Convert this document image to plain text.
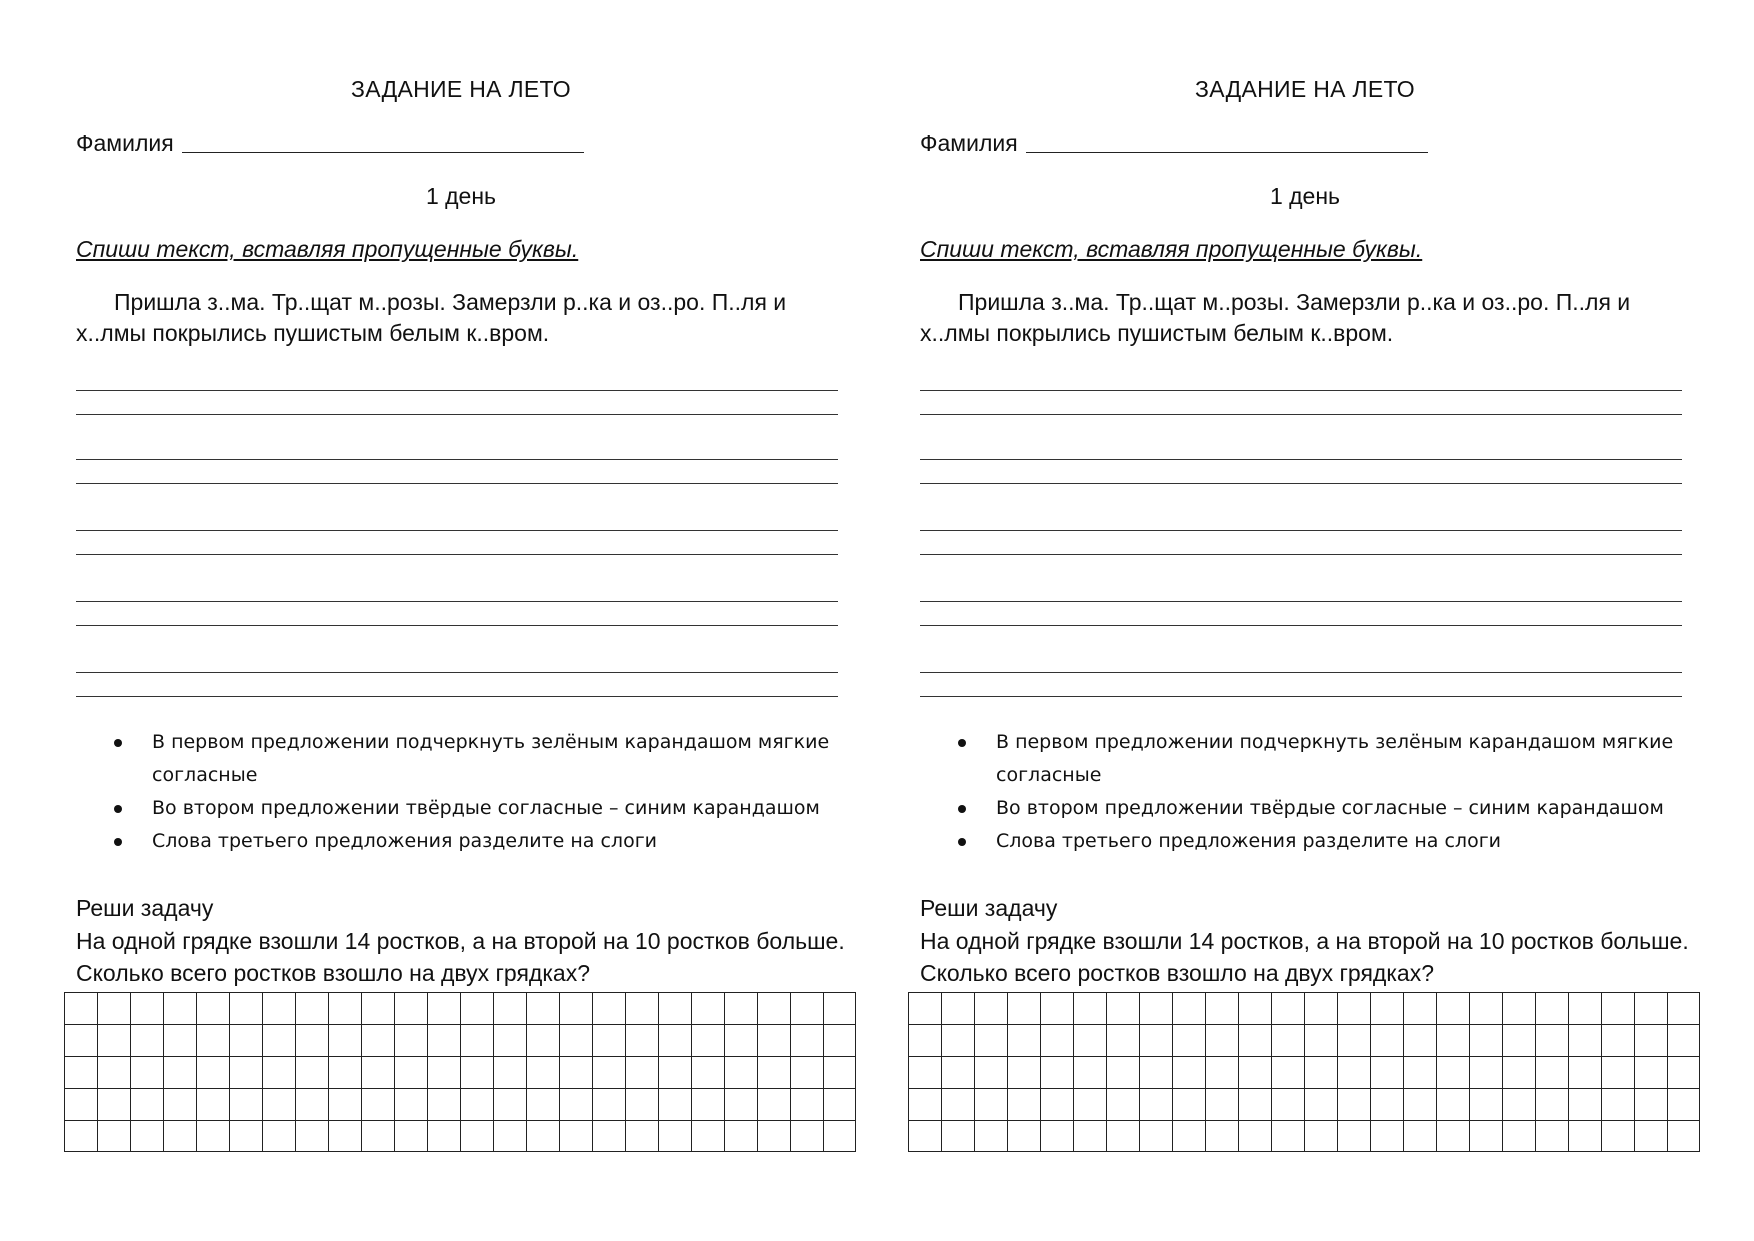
ЗАДАНИЕ НА ЛЕТО
Фамилия
1 день
Спиши текст, вставляя пропущенные буквы.

Пришла з..ма. Тр..щат м..розы. Замерзли р..ка и оз..ро. П..ля и х..лмы покрылись пушистым белым к..вром.

В первом предложении подчеркнуть зелёным карандашом мягкие согласные
Во втором предложении твёрдые согласные – синим карандашом
Слова третьего предложения разделите на слоги
Реши задачу

На одной грядке взошли 14 ростков, а на второй на 10 ростков больше. Сколько всего ростков взошло на двух грядках?

ЗАДАНИЕ НА ЛЕТО
Фамилия
1 день
Спиши текст, вставляя пропущенные буквы.

Пришла з..ма. Тр..щат м..розы. Замерзли р..ка и оз..ро. П..ля и х..лмы покрылись пушистым белым к..вром.

В первом предложении подчеркнуть зелёным карандашом мягкие согласные
Во втором предложении твёрдые согласные – синим карандашом
Слова третьего предложения разделите на слоги
Реши задачу

На одной грядке взошли 14 ростков, а на второй на 10 ростков больше. Сколько всего ростков взошло на двух грядках?
